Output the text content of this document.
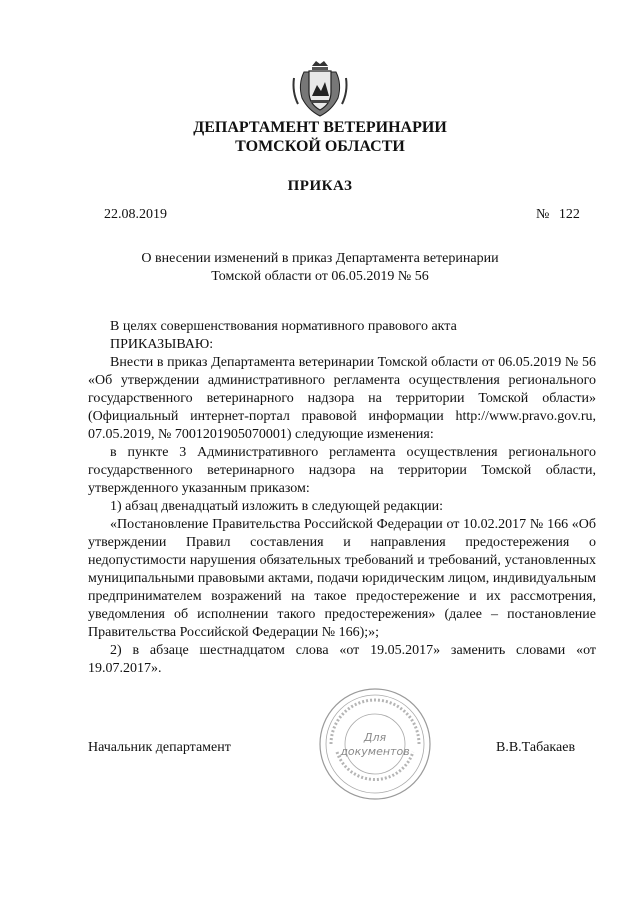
ДЕПАРТАМЕНТ ВЕТЕРИНАРИИ
ТОМСКОЙ ОБЛАСТИ
ПРИКАЗ
22.08.2019	№ 122
О внесении изменений в приказ Департамента ветеринарии
Томской области от 06.05.2019 № 56

В целях совершенствования нормативного правового акта

ПРИКАЗЫВАЮ:

Внести в приказ Департамента ветеринарии Томской области от 06.05.2019 № 56 «Об утверждении административного регламента осуществления регионального государственного ветеринарного надзора на территории Томской области» (Официальный интернет-портал правовой информации http://www.pravo.gov.ru, 07.05.2019, № 7001201905070001) следующие изменения:

в пункте 3 Административного регламента осуществления регионального государственного ветеринарного надзора на территории Томской области, утвержденного указанным приказом:

1) абзац двенадцатый изложить в следующей редакции:

«Постановление Правительства Российской Федерации от 10.02.2017 № 166 «Об утверждении Правил составления и направления предостережения о недопустимости нарушения обязательных требований и требований, установленных муниципальными правовыми актами, подачи юридическим лицом, индивидуальным предпринимателем возражений на такое предостережение и их рассмотрения, уведомления об исполнении такого предостережения» (далее – постановление Правительства Российской Федерации № 166);»;

2) в абзаце шестнадцатом слова «от 19.05.2017» заменить словами «от 19.07.2017».

Для
документов
Начальник департамент	В.В.Табакаев
